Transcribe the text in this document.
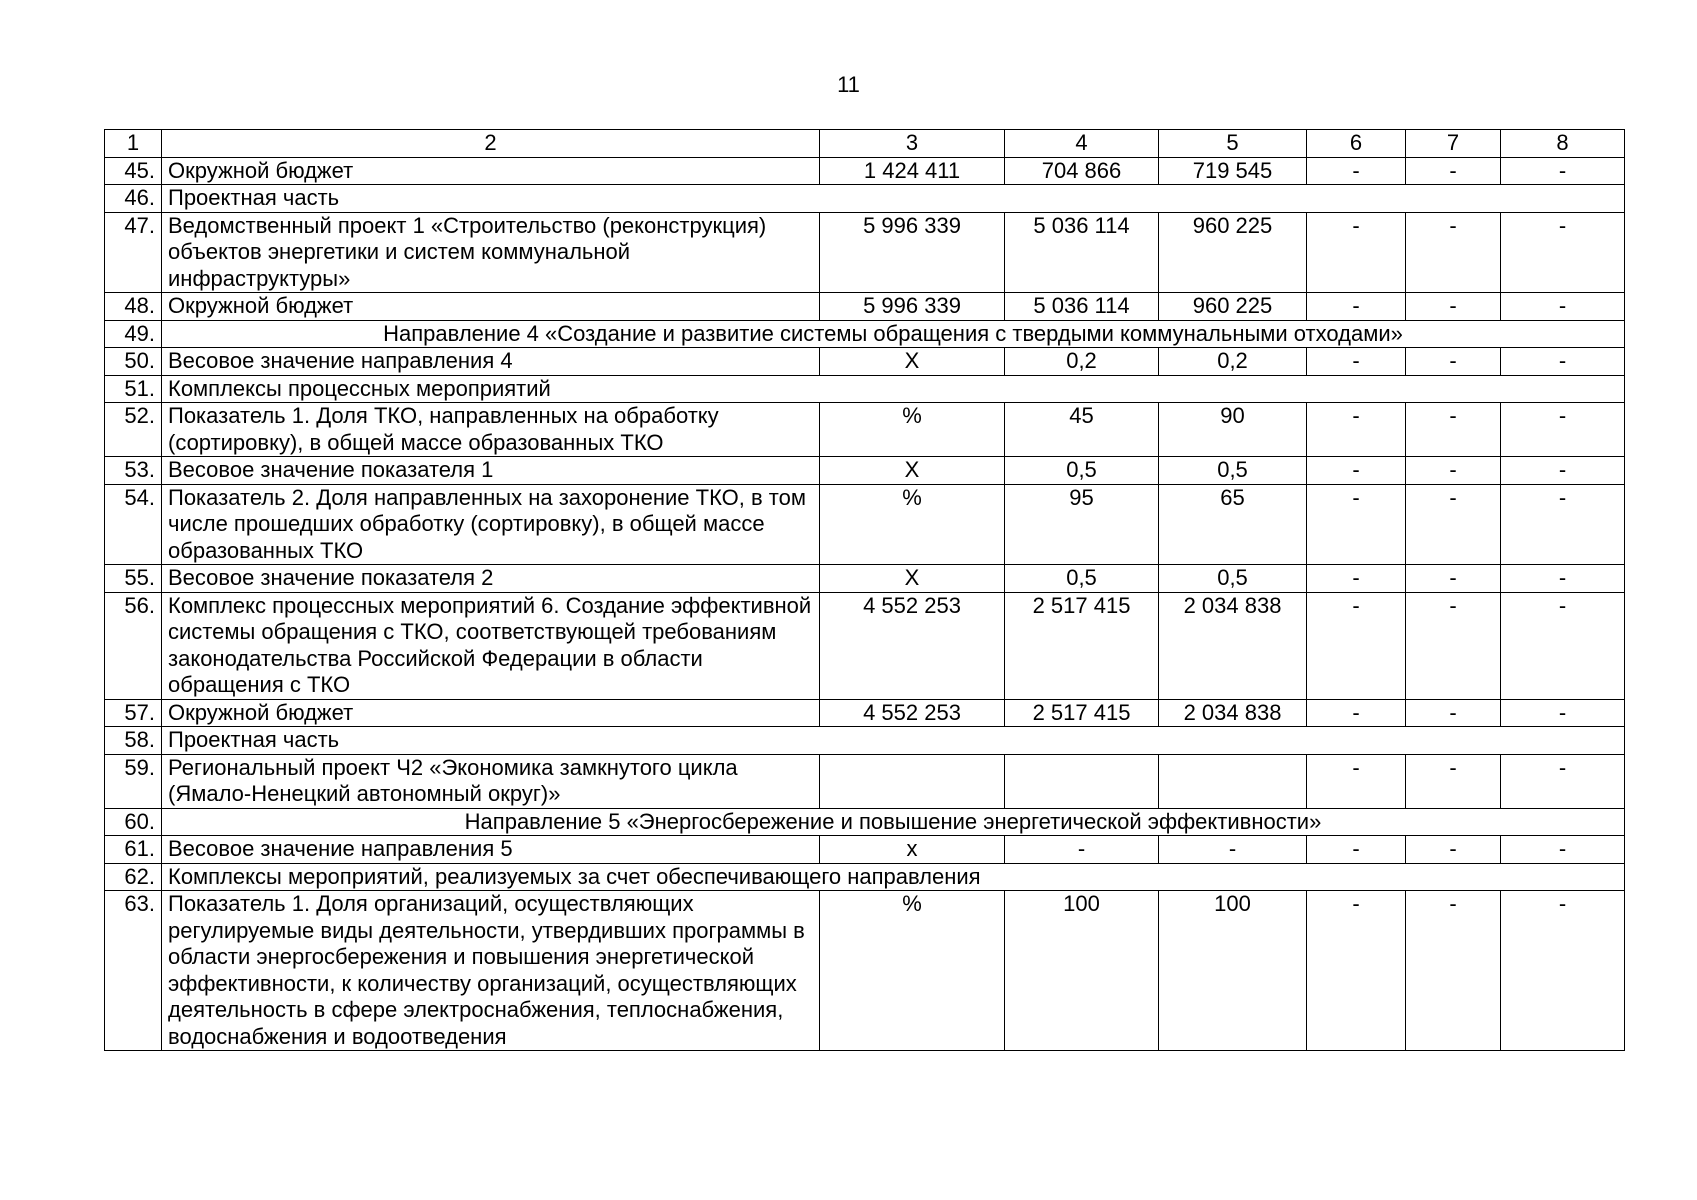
11
1	2	3	4	5	6	7	8
45.	Окружной бюджет	1 424 411	704 866	719 545	-	-	-
46.	Проектная часть						
47.	Ведомственный проект 1 «Строительство (реконструкция) объектов энергетики и систем коммунальной инфраструктуры»	5 996 339	5 036 114	960 225	-	-	-
48.	Окружной бюджет	5 996 339	5 036 114	960 225	-	-	-
49.	Направление 4 «Создание и развитие системы обращения с твердыми коммунальными отходами»						
50.	Весовое значение направления 4	X	0,2	0,2	-	-	-
51.	Комплексы процессных мероприятий						
52.	Показатель 1. Доля ТКО, направленных на обработку (сортировку), в общей массе образованных ТКО	%	45	90	-	-	-
53.	Весовое значение показателя 1	X	0,5	0,5	-	-	-
54.	Показатель 2. Доля направленных на захоронение ТКО, в том числе прошедших обработку (сортировку), в общей массе образованных ТКО	%	95	65	-	-	-
55.	Весовое значение показателя 2	X	0,5	0,5	-	-	-
56.	Комплекс процессных мероприятий 6. Создание эффективной системы обращения с ТКО, соответствующей требованиям законодательства Российской Федерации в области обращения с ТКО	4 552 253	2 517 415	2 034 838	-	-	-
57.	Окружной бюджет	4 552 253	2 517 415	2 034 838	-	-	-
58.	Проектная часть						
59.	Региональный проект Ч2 «Экономика замкнутого цикла (Ямало-Ненецкий автономный округ)»				-	-	-
60.	Направление 5 «Энергосбережение и повышение энергетической эффективности»						
61.	Весовое значение направления 5	х	-	-	-	-	-
62.	Комплексы мероприятий, реализуемых за счет обеспечивающего направления						
63.	Показатель 1. Доля организаций, осуществляющих регулируемые виды деятельности, утвердивших программы в области энергосбережения и повышения энергетической эффективности, к количеству организаций, осуществляющих деятельность в сфере электроснабжения, теплоснабжения, водоснабжения и водоотведения	%	100	100	-	-	-
